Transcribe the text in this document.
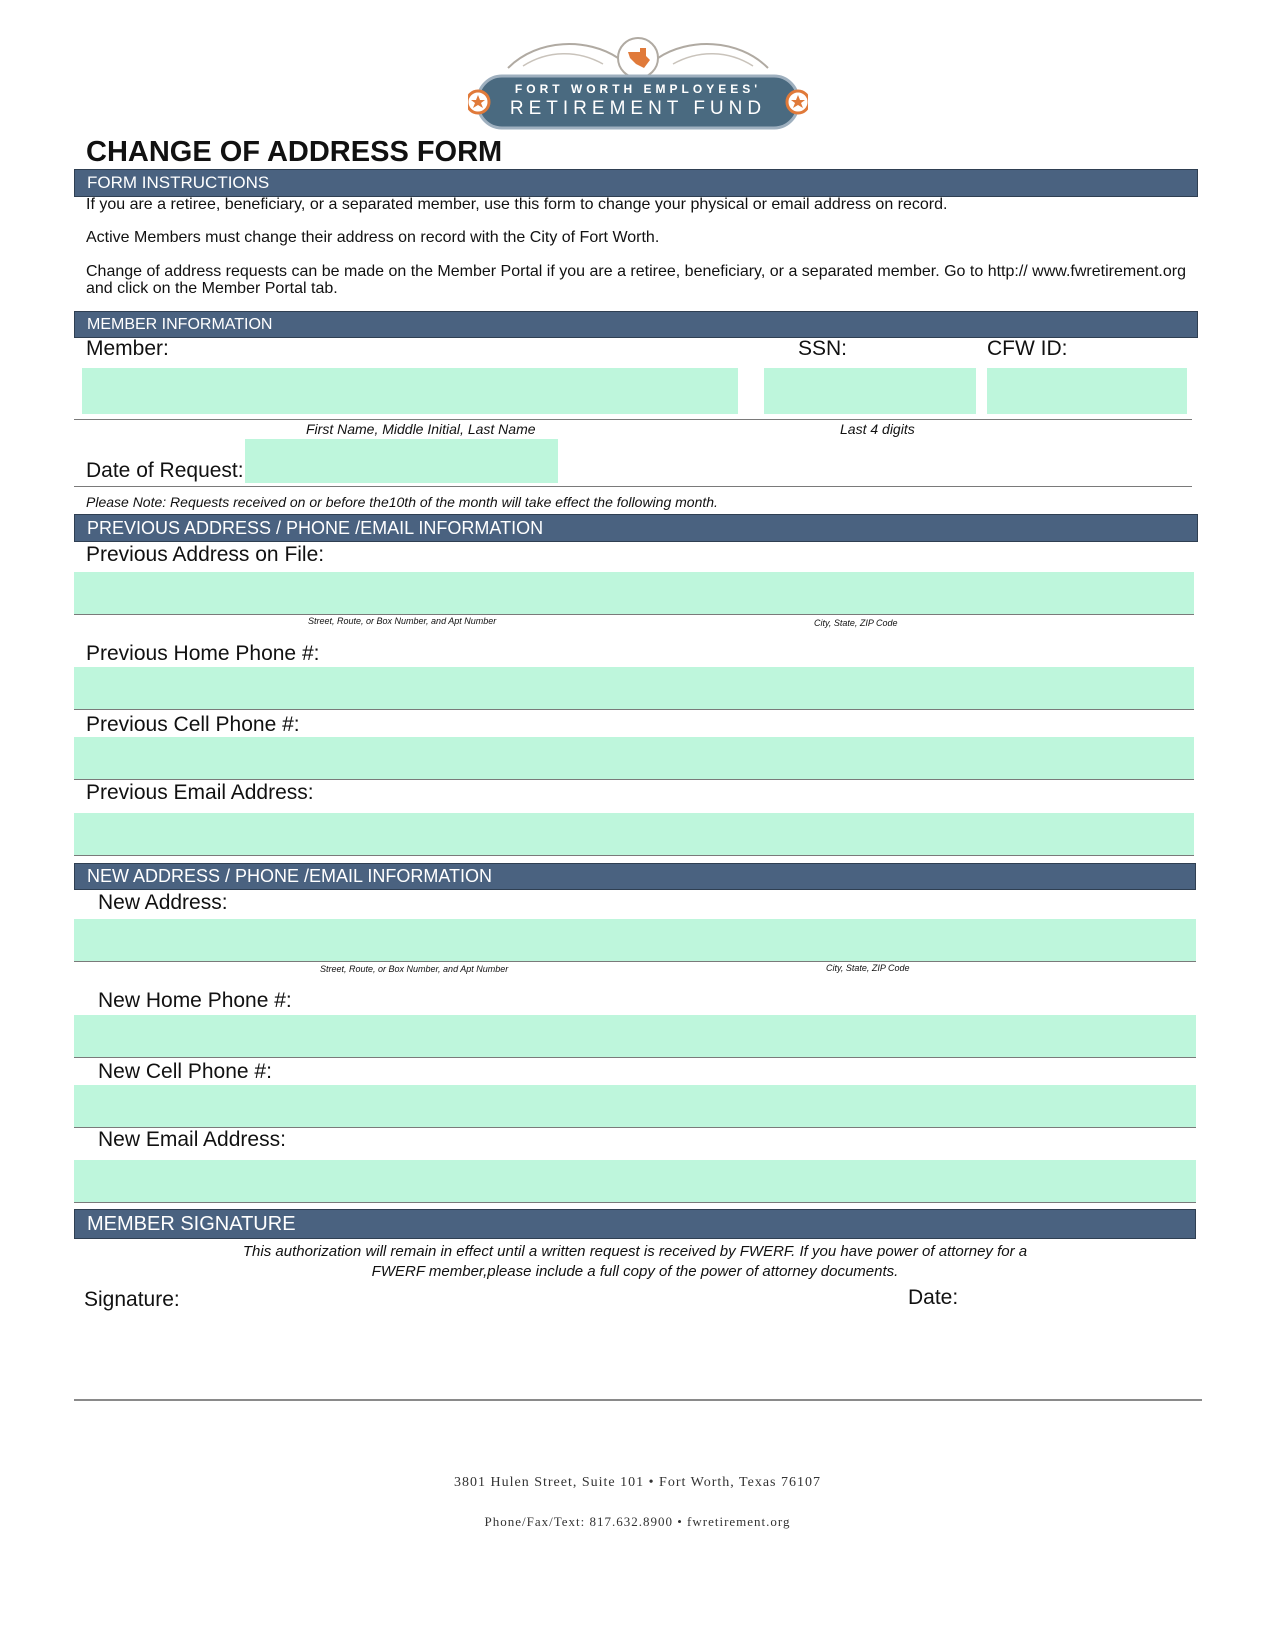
FORT WORTH EMPLOYEES'
RETIREMENT FUND
CHANGE OF ADDRESS FORM
FORM INSTRUCTIONS
If you are a retiree, beneficiary, or a separated member, use this form to change your physical or email address on record.
Active Members must change their address on record with the City of Fort Worth.
Change of address requests can be made on the Member Portal if you are a retiree, beneficiary, or a separated member. Go to http:// www.fwretirement.org and click on the Member Portal tab.
MEMBER INFORMATION
Member:	SSN:	CFW ID:
First Name, Middle Initial, Last Name	Last 4 digits
Date of Request:
Please Note: Requests received on or before the10th of the month will take effect the following month.
PREVIOUS ADDRESS / PHONE /EMAIL INFORMATION
Previous Address on File:
Street, Route, or Box Number, and Apt Number	City, State, ZIP Code
Previous Home Phone #:
Previous Cell Phone #:
Previous Email Address:
NEW ADDRESS / PHONE /EMAIL INFORMATION
New Address:
Street, Route, or Box Number, and Apt Number	City, State, ZIP Code
New Home Phone #:
New Cell Phone #:
New Email Address:
MEMBER SIGNATURE
This authorization will remain in effect until a written request is received by FWERF. If you have power of attorney for a
FWERF member,please include a full copy of the power of attorney documents.
Signature:	Date:
3801 Hulen Street, Suite 101 • Fort Worth, Texas 76107
Phone/Fax/Text: 817.632.8900 • fwretirement.org
